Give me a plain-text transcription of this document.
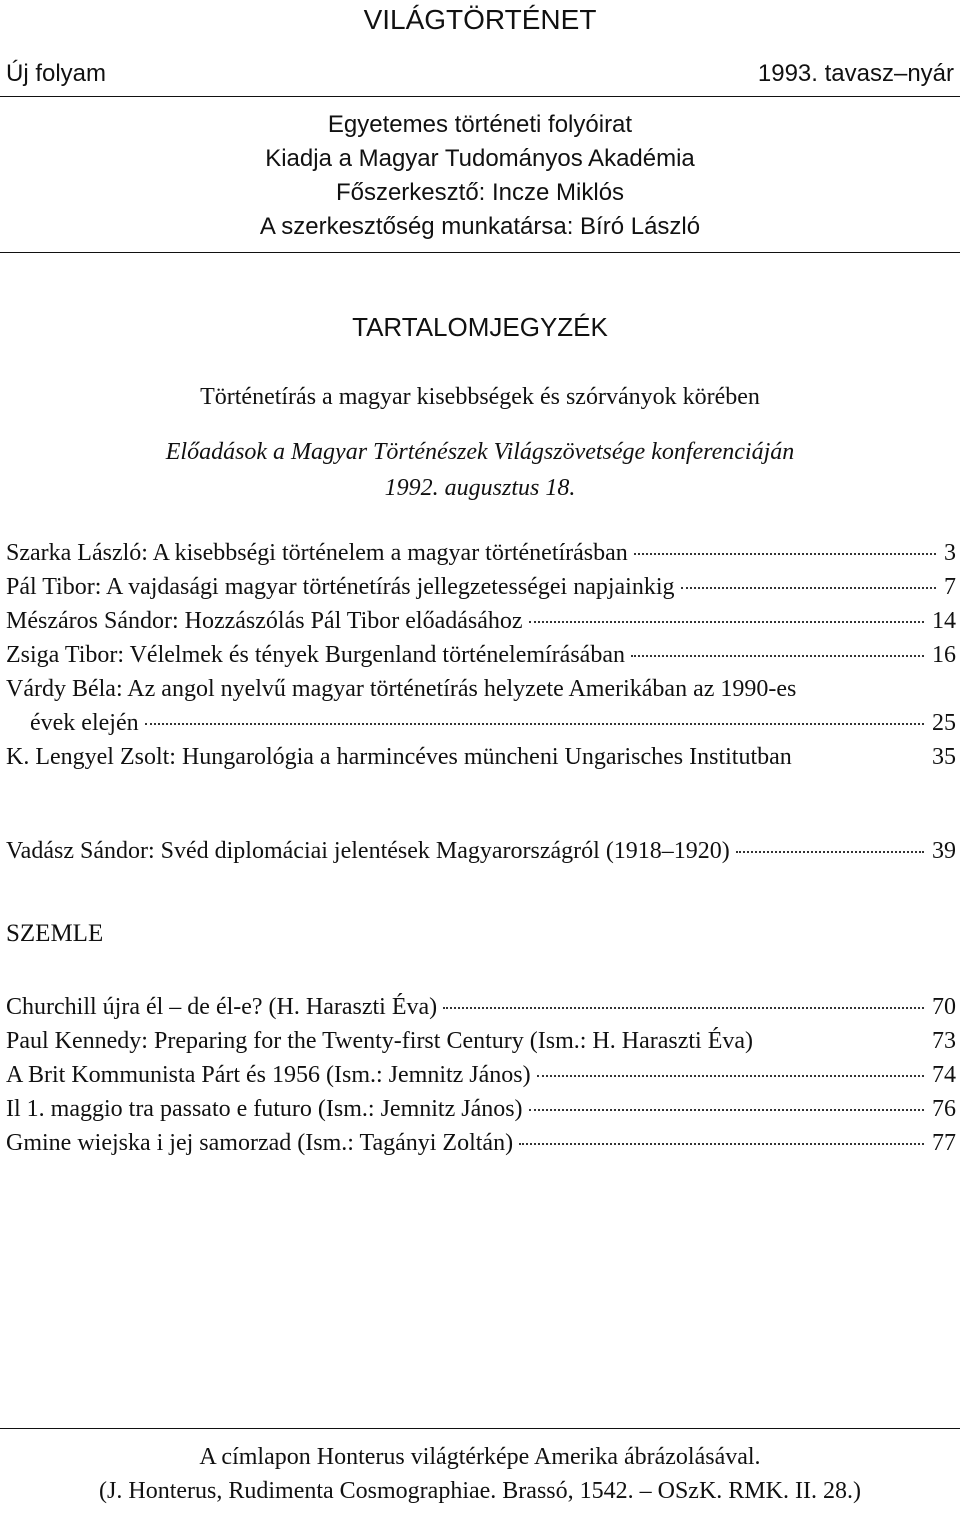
VILÁGTÖRTÉNET
Új folyam	1993. tavasz–nyár
Egyetemes történeti folyóirat
Kiadja a Magyar Tudományos Akadémia
Főszerkesztő: Incze Miklós
A szerkesztőség munkatársa: Bíró László
TARTALOMJEGYZÉK
Történetírás a magyar kisebbségek és szórványok körében
Előadások a Magyar Történészek Világszövetsége konferenciáján
1992. augusztus 18.
Szarka László: A kisebbségi történelem a magyar történetírásban	3
Pál Tibor: A vajdasági magyar történetírás jellegzetességei napjainkig	7
Mészáros Sándor: Hozzászólás Pál Tibor előadásához	14
Zsiga Tibor: Vélelmek és tények Burgenland történelemírásában	16
Várdy Béla: Az angol nyelvű magyar történetírás helyzete Amerikában az 1990-es
évek elején	25
K. Lengyel Zsolt: Hungarológia a harmincéves müncheni Ungarisches Institutban	35
Vadász Sándor: Svéd diplomáciai jelentések Magyarországról (1918–1920)	39
SZEMLE
Churchill újra él – de él-e? (H. Haraszti Éva)	70
Paul Kennedy: Preparing for the Twenty-first Century (Ism.: H. Haraszti Éva)	73
A Brit Kommunista Párt és 1956 (Ism.: Jemnitz János)	74
Il 1. maggio tra passato e futuro (Ism.: Jemnitz János)	76
Gmine wiejska i jej samorzad (Ism.: Tagányi Zoltán)	77
A címlapon Honterus világtérképe Amerika ábrázolásával.
(J. Honterus, Rudimenta Cosmographiae. Brassó, 1542. – OSzK. RMK. II. 28.)
